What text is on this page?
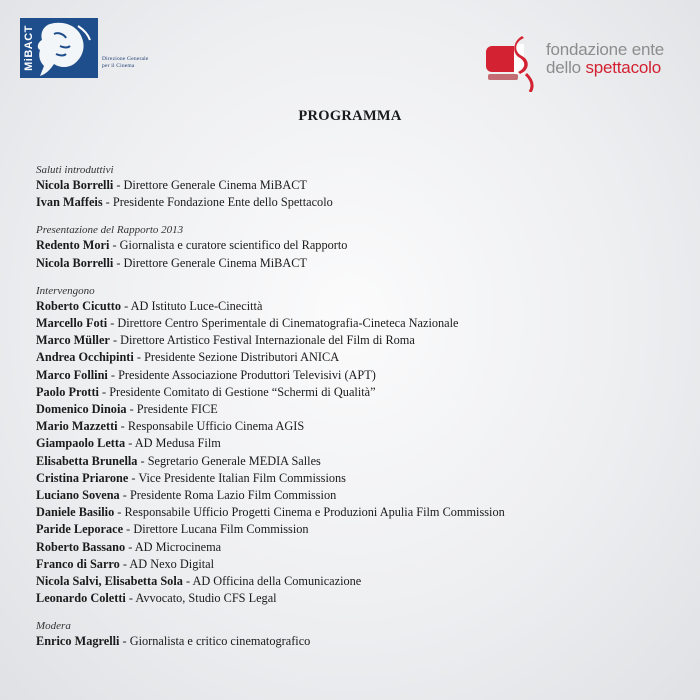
MiBACT	Direzione Generale
per il Cinema
fondazione ente
dello spettacolo
PROGRAMMA
Saluti introduttivi
Nicola Borrelli - Direttore Generale Cinema MiBACT
Ivan Maffeis - Presidente Fondazione Ente dello Spettacolo
Presentazione del Rapporto 2013
Redento Mori - Giornalista e curatore scientifico del Rapporto
Nicola Borrelli - Direttore Generale Cinema MiBACT
Intervengono
Roberto Cicutto - AD Istituto Luce-Cinecittà
Marcello Foti - Direttore Centro Sperimentale di Cinematografia-Cineteca Nazionale
Marco Müller - Direttore Artistico Festival Internazionale del Film di Roma
Andrea Occhipinti - Presidente Sezione Distributori ANICA
Marco Follini - Presidente Associazione Produttori Televisivi (APT)
Paolo Protti - Presidente Comitato di Gestione “Schermi di Qualità”
Domenico Dinoia - Presidente FICE
Mario Mazzetti - Responsabile Ufficio Cinema AGIS
Giampaolo Letta - AD Medusa Film
Elisabetta Brunella - Segretario Generale MEDIA Salles
Cristina Priarone - Vice Presidente Italian Film Commissions
Luciano Sovena - Presidente Roma Lazio Film Commission
Daniele Basilio - Responsabile Ufficio Progetti Cinema e Produzioni Apulia Film Commission
Paride Leporace - Direttore Lucana Film Commission
Roberto Bassano - AD Microcinema
Franco di Sarro - AD Nexo Digital
Nicola Salvi, Elisabetta Sola - AD Officina della Comunicazione
Leonardo Coletti - Avvocato, Studio CFS Legal
Modera
Enrico Magrelli - Giornalista e critico cinematografico
